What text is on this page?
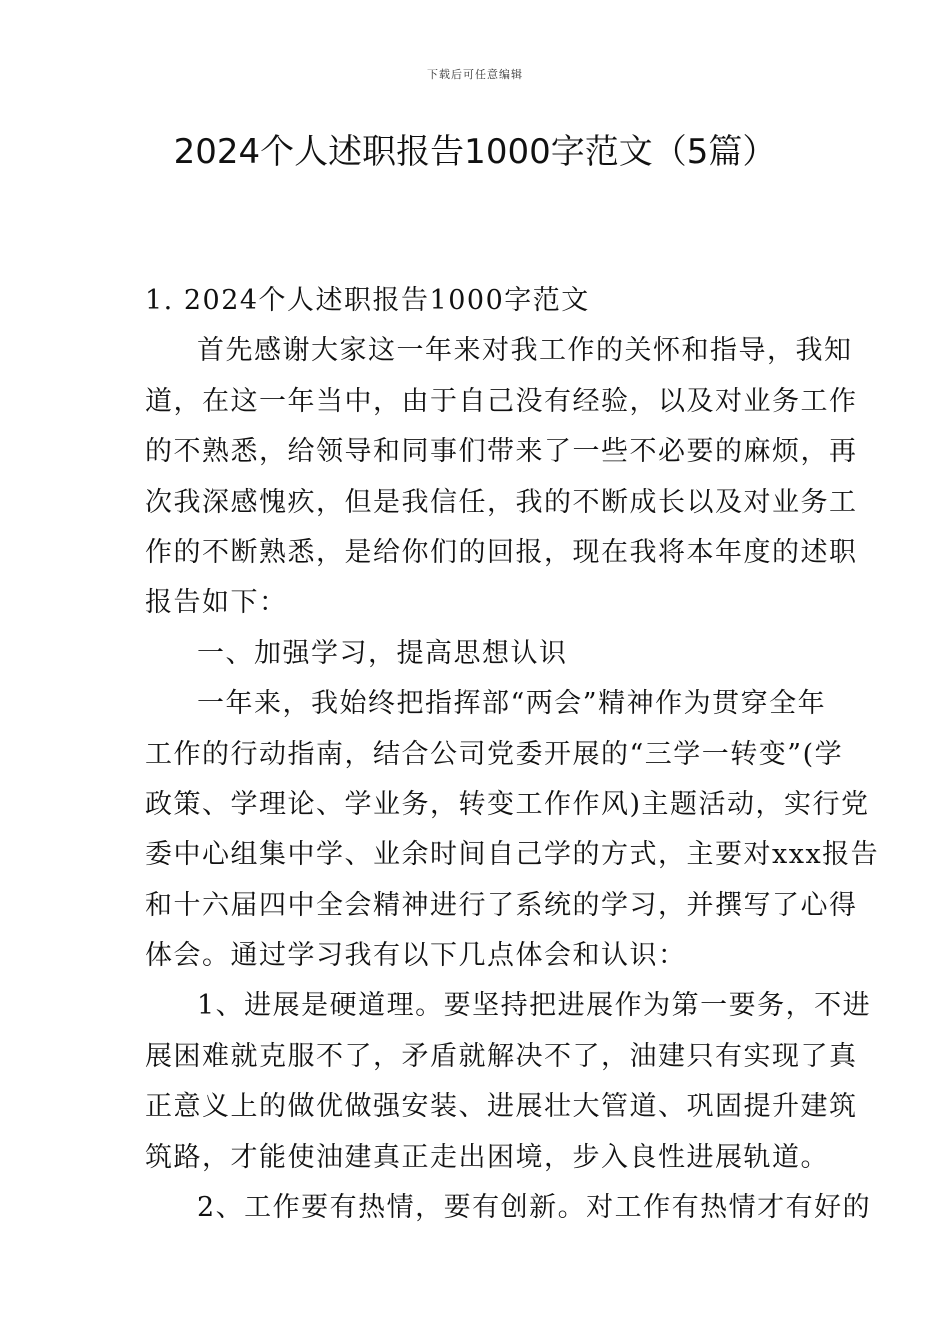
下载后可任意编辑
2024个人述职报告1000字范文（5篇）
1. 2024个人述职报告1000字范文
首先感谢大家这一年来对我工作的关怀和指导，我知
道，在这一年当中，由于自己没有经验，以及对业务工作
的不熟悉，给领导和同事们带来了一些不必要的麻烦，再
次我深感愧疚，但是我信任，我的不断成长以及对业务工
作的不断熟悉，是给你们的回报，现在我将本年度的述职
报告如下：
一、加强学习，提高思想认识
一年来，我始终把指挥部“两会”精神作为贯穿全年
工作的行动指南，结合公司党委开展的“三学一转变”(学
政策、学理论、学业务，转变工作作风)主题活动，实行党
委中心组集中学、业余时间自己学的方式，主要对xxx报告
和十六届四中全会精神进行了系统的学习，并撰写了心得
体会。通过学习我有以下几点体会和认识：
1、进展是硬道理。要坚持把进展作为第一要务，不进
展困难就克服不了，矛盾就解决不了，油建只有实现了真
正意义上的做优做强安装、进展壮大管道、巩固提升建筑
筑路，才能使油建真正走出困境，步入良性进展轨道。
2、工作要有热情，要有创新。对工作有热情才有好的
